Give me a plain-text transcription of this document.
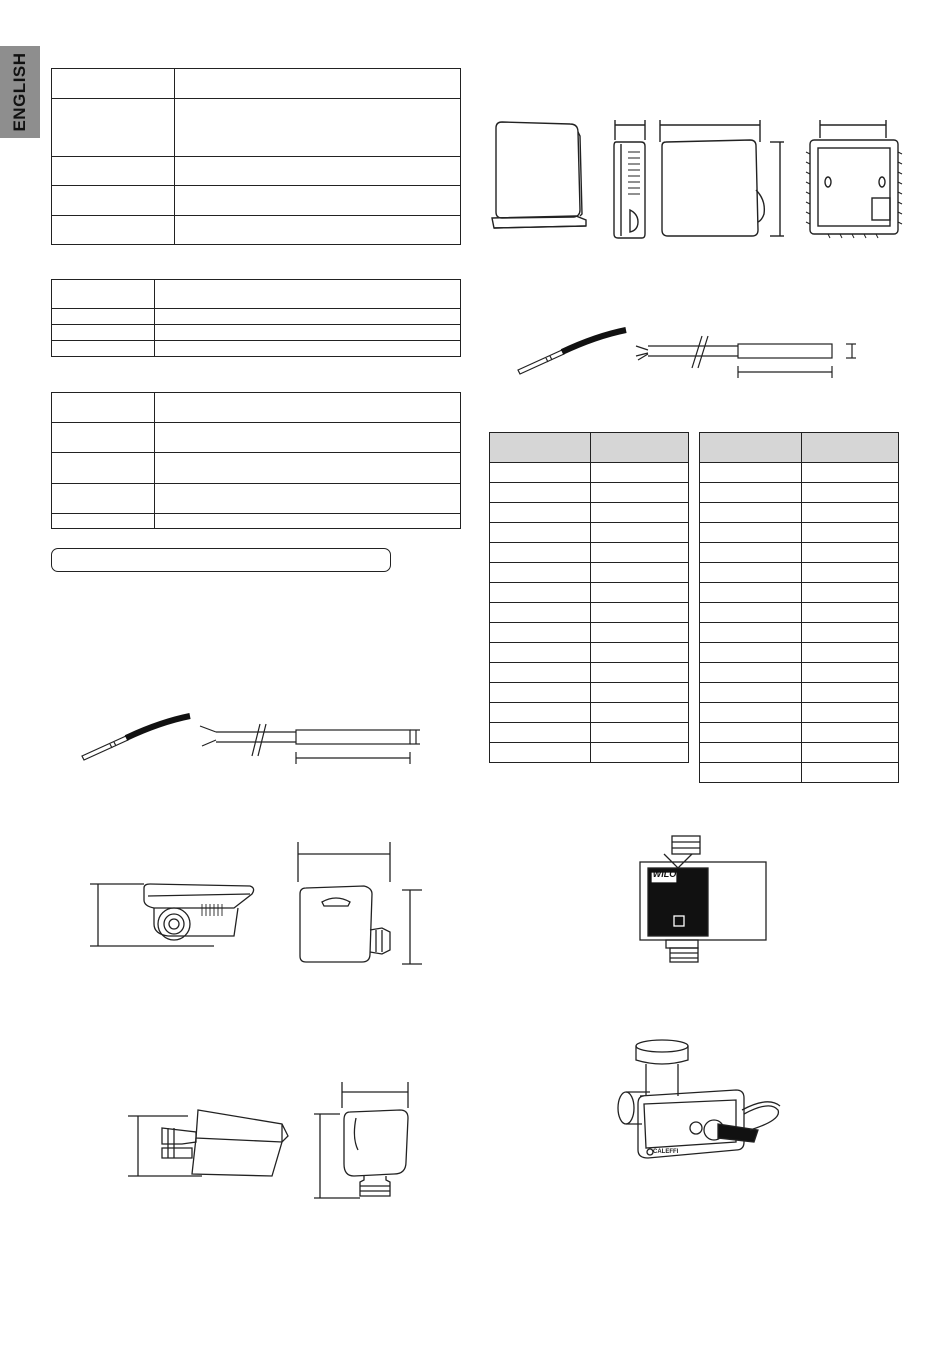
ENGLISH

WILO
CALEFFI
